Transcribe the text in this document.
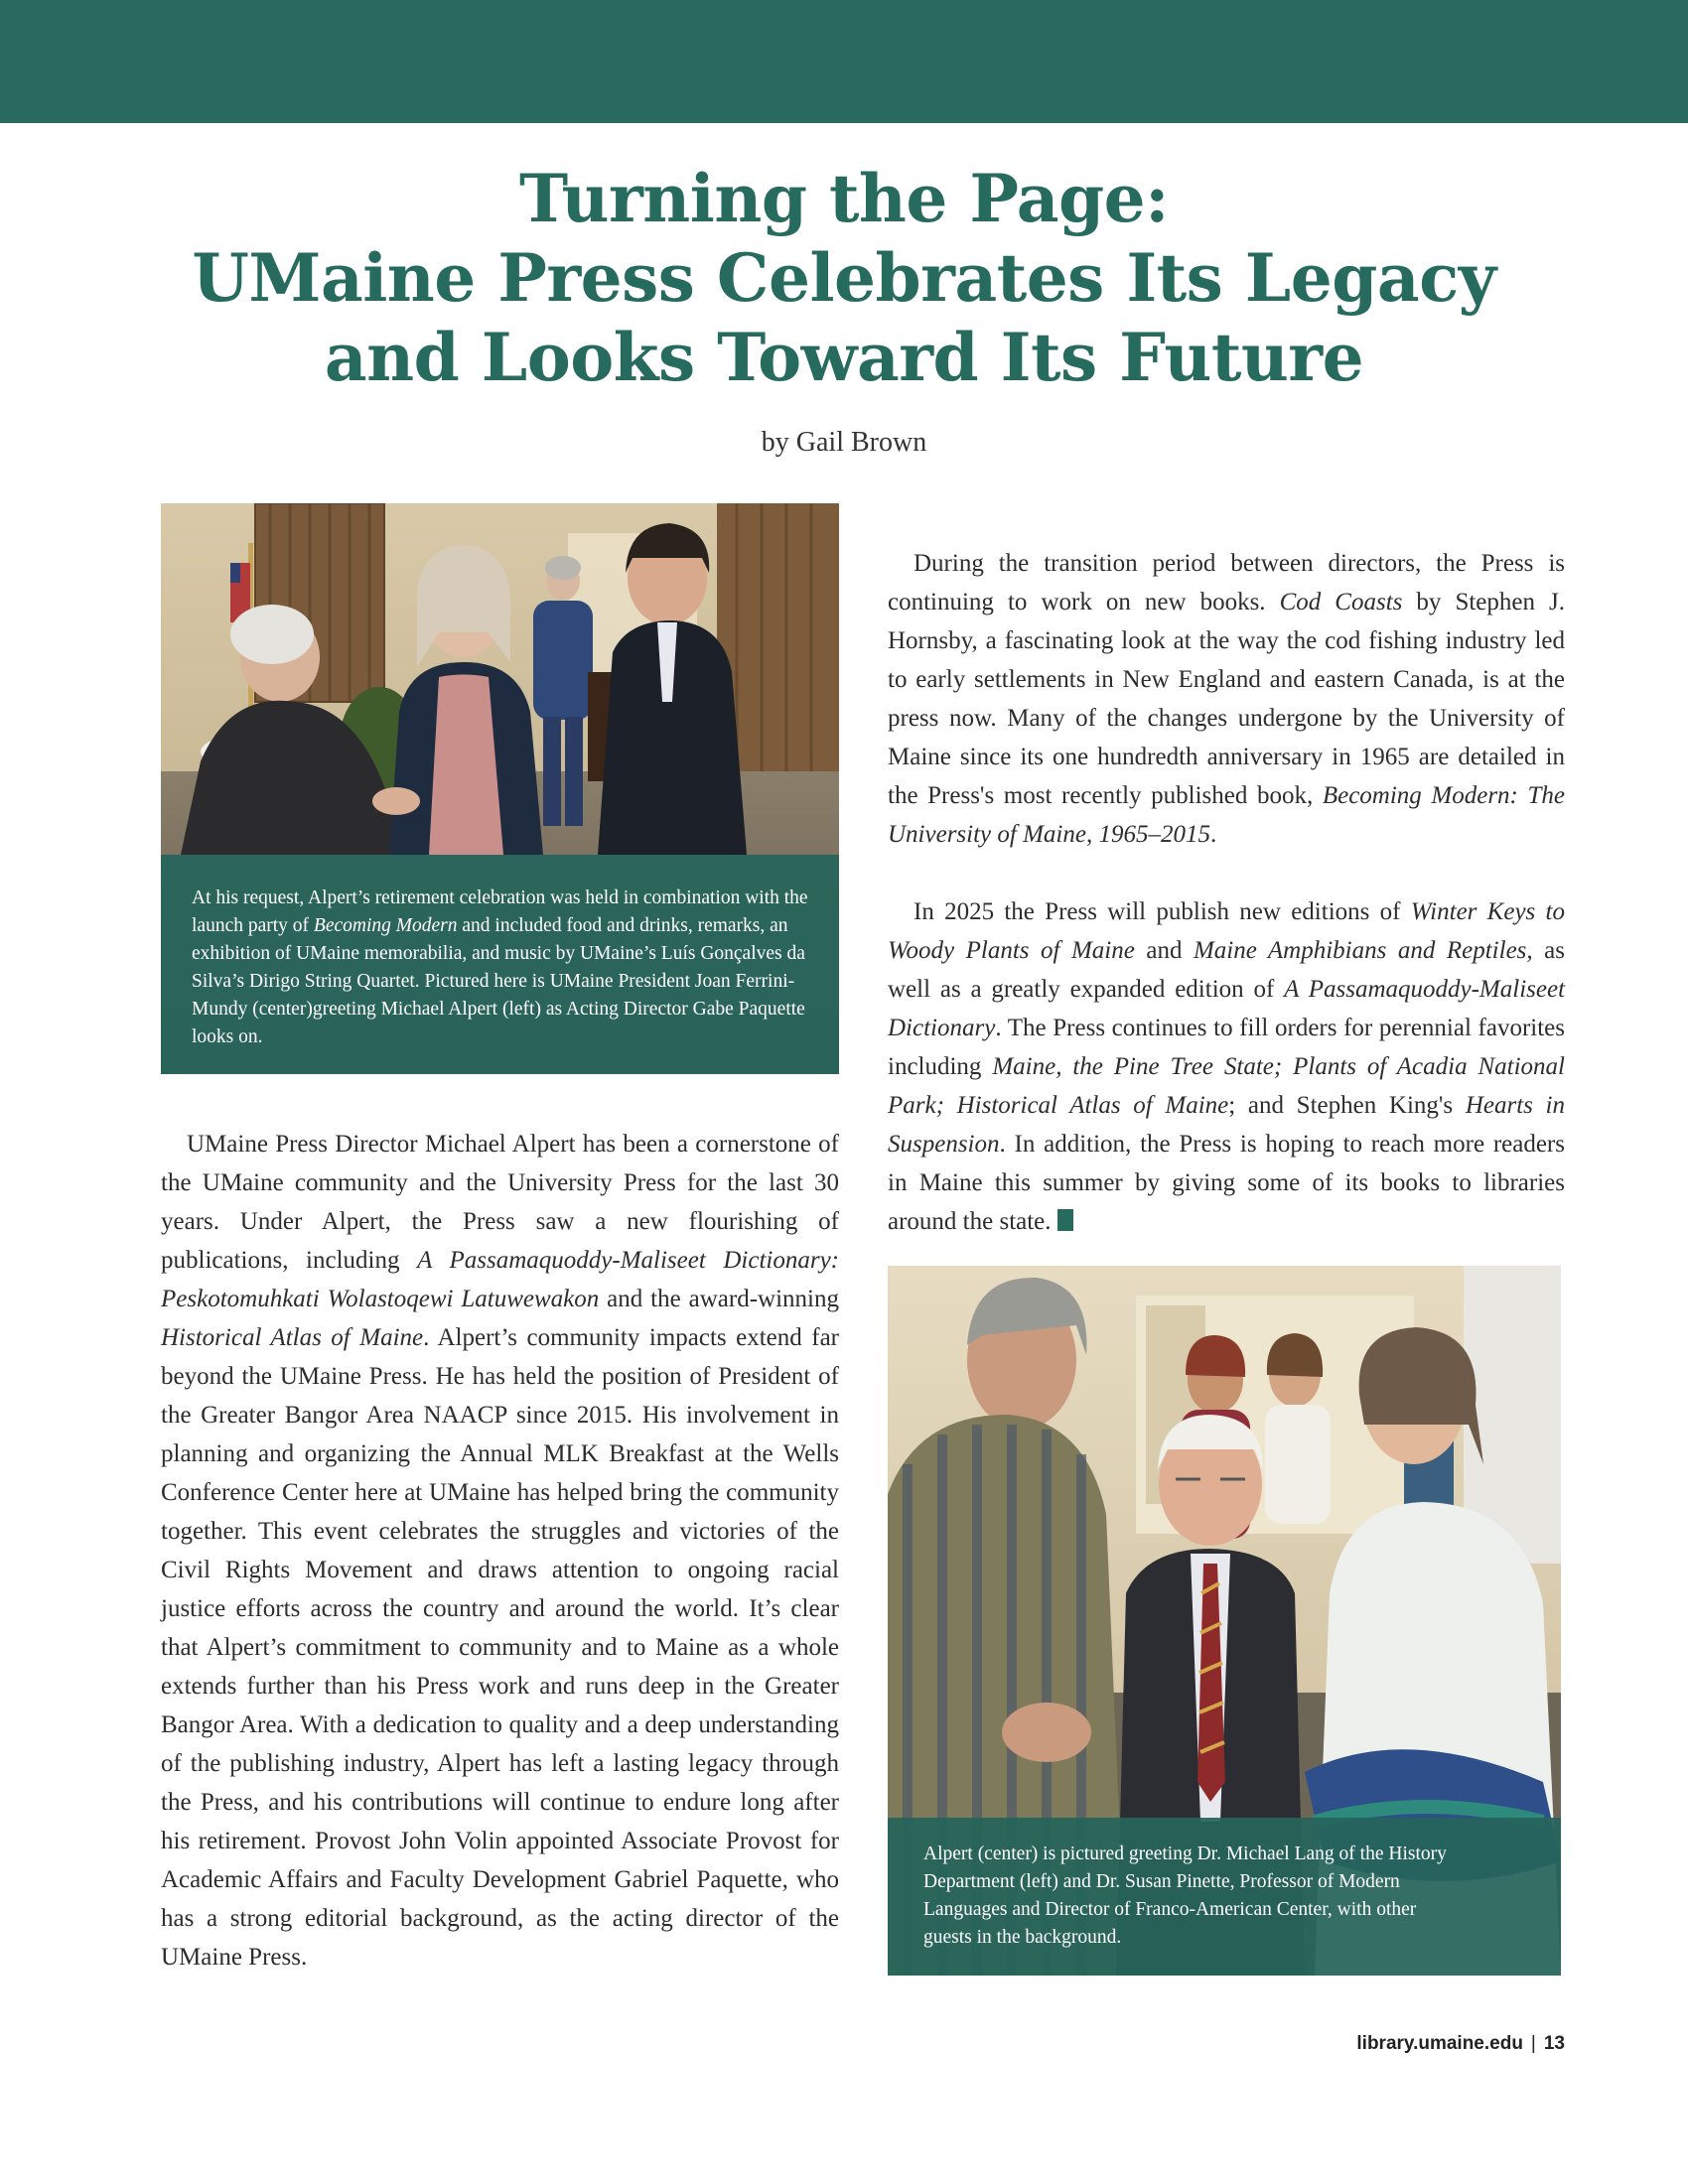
Turning the Page:
UMaine Press Celebrates Its Legacy
and Looks Toward Its Future
by Gail Brown
At his request, Alpert’s retirement celebration was held in combination with the launch party of Becoming Modern and included food and drinks, remarks, an exhibition of UMaine memorabilia, and music by UMaine’s Luís Gonçalves da Silva’s Dirigo String Quartet. Pictured here is UMaine President Joan Ferrini-Mundy (center)greeting Michael Alpert (left) as Acting Director Gabe Paquette looks on.

UMaine Press Director Michael Alpert has been a cornerstone of the UMaine community and the University Press for the last 30 years. Under Alpert, the Press saw a new flourishing of publications, including A Passamaquoddy-Maliseet Dictionary: Peskotomuhkati Wolastoqewi Latuwewakon and the award-winning Historical Atlas of Maine. Alpert’s community impacts extend far beyond the UMaine Press. He has held the position of President of the Greater Bangor Area NAACP since 2015. His involvement in planning and organizing the Annual MLK Breakfast at the Wells Conference Center here at UMaine has helped bring the community together. This event celebrates the struggles and victories of the Civil Rights Movement and draws attention to ongoing racial justice efforts across the country and around the world. It’s clear that Alpert’s commitment to community and to Maine as a whole extends further than his Press work and runs deep in the Greater Bangor Area. With a dedication to quality and a deep understanding of the publishing industry, Alpert has left a lasting legacy through the Press, and his contributions will continue to endure long after his retirement. Provost John Volin appointed Associate Provost for Academic Affairs and Faculty Development Gabriel Paquette, who has a strong editorial background, as the acting director of the UMaine Press.

During the transition period between directors, the Press is continuing to work on new books. Cod Coasts by Stephen J. Hornsby, a fascinating look at the way the cod fishing industry led to early settlements in New England and eastern Canada, is at the press now. Many of the changes undergone by the University of Maine since its one hundredth anniversary in 1965 are detailed in the Press's most recently published book, Becoming Modern: The University of Maine, 1965–2015.

In 2025 the Press will publish new editions of Winter Keys to Woody Plants of Maine and Maine Amphibians and Reptiles, as well as a greatly expanded edition of A Passamaquoddy-Maliseet Dictionary. The Press continues to fill orders for perennial favorites including Maine, the Pine Tree State; Plants of Acadia National Park; Historical Atlas of Maine; and Stephen King's Hearts in Suspension. In addition, the Press is hoping to reach more readers in Maine this summer by giving some of its books to libraries around the state.

Alpert (center) is pictured greeting Dr. Michael Lang of the History Department (left) and Dr. Susan Pinette, Professor of Modern Languages and Director of Franco-American Center, with other guests in the background.

library.umaine.edu | 13
